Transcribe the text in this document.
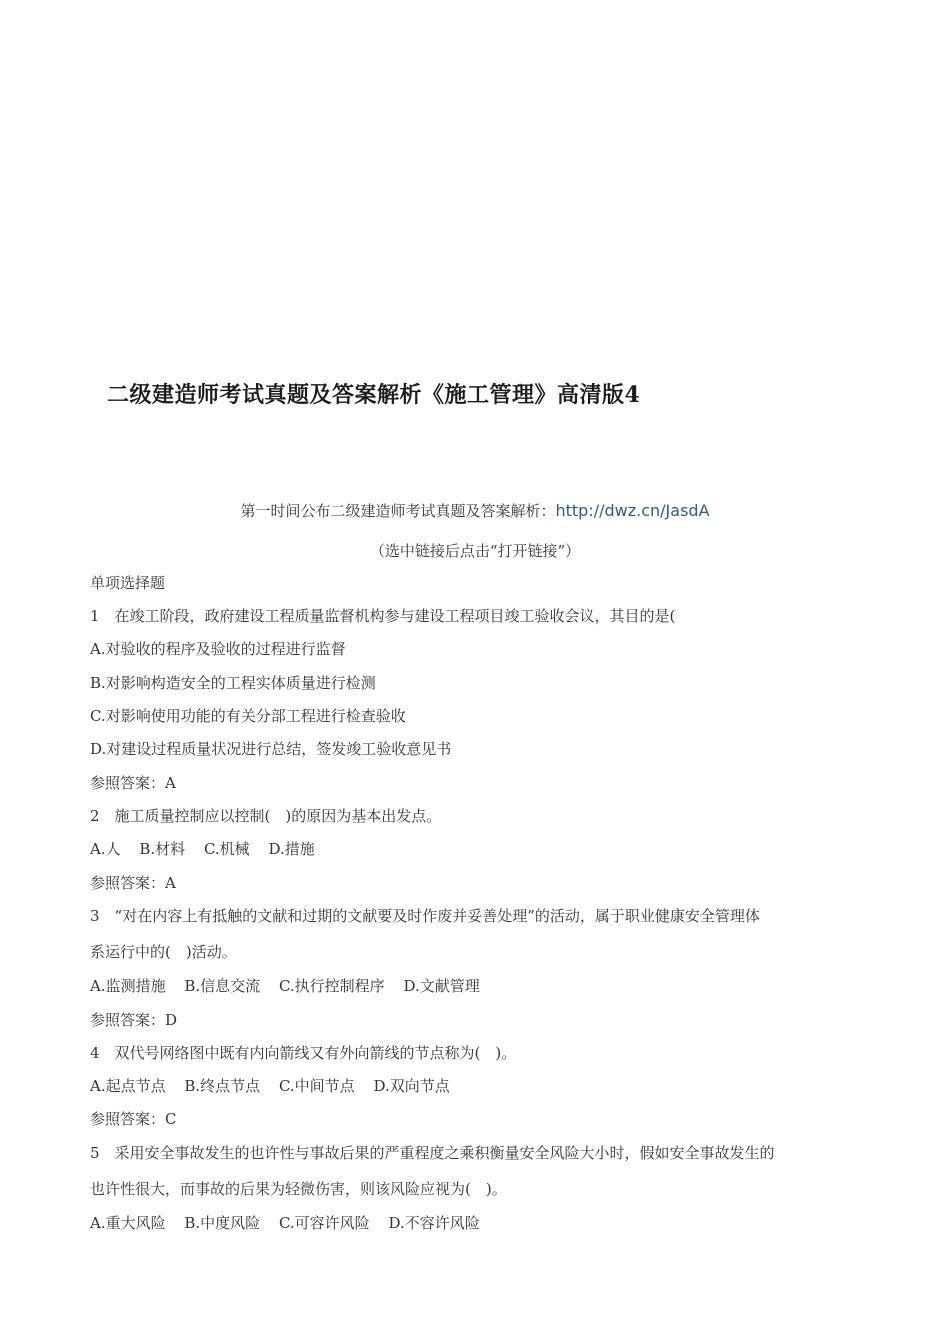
二级建造师考试真题及答案解析《施工管理》高清版4
第一时间公布二级建造师考试真题及答案解析：http://dwz.cn/JasdA
（选中链接后点击“打开链接”）
单项选择题
1　在竣工阶段，政府建设工程质量监督机构参与建设工程项目竣工验收会议，其目的是(
A.对验收的程序及验收的过程进行监督
B.对影响构造安全的工程实体质量进行检测
C.对影响使用功能的有关分部工程进行检查验收
D.对建设过程质量状况进行总结，签发竣工验收意见书
参照答案：A
2　施工质量控制应以控制(　)的原因为基本出发点。
A.人 B.材料 C.机械 D.措施
参照答案：A
3　“对在内容上有抵触的文献和过期的文献要及时作废并妥善处理”的活动，属于职业健康安全管理体
系运行中的(　)活动。
A.监测措施 B.信息交流 C.执行控制程序 D.文献管理
参照答案：D
4　双代号网络图中既有内向箭线又有外向箭线的节点称为(　)。
A.起点节点 B.终点节点 C.中间节点 D.双向节点
参照答案：C
5　采用安全事故发生的也许性与事故后果的严重程度之乘积衡量安全风险大小时，假如安全事故发生的
也许性很大，而事故的后果为轻微伤害，则该风险应视为(　)。
A.重大风险 B.中度风险 C.可容许风险 D.不容许风险
